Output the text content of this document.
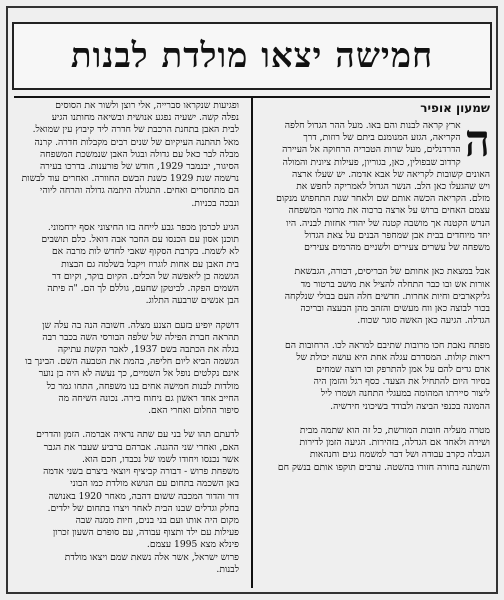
חמישה יצאו מולדת לבנות
שמעון אופיר
ה
ארץ קראה לבנות והם באו. מעל ההר הגדול חלפה
הקריאה, הגזע המנומנם ביתם של רוזות, דרך
הדרדנלים, מעל שרות הטבריה הרחוקה אל העיירה
קרדוב שבפולין, כאן, בגוריון, פעילות ציונית והמולה
האונים קשובות לקריאה של אבא אדמה. יש שעלו ארצה
ויש שהגעלו כאן הלב. הנשר הגדול לאמריקה לחפש את
מזלם. הקריאה הכשה אותם שם ולאחר שגת התחפוש מנקום
עצמם האחים ברוש על ארצה ברכוה את מרומי המשפחה
הנרש הקטנה אך מושבה קטנה של יהודי אחזות לבניה. היו
יחד מיוחדים בבית אבן שמחפר הבנים על צאת הגדול
משפחה של עשרים צעירים ולשניים מהרמים צעירים

אבל במצאת כאן אחותם של הבריסים, דבורה, הגבשאת
אורות אש ובו כבר התחלה להציל את מושב ברטור מד
גליקארבים וחיות אחרות. חדשים חלה העם בבולי שנלקחה
בכור לבוצה כאן ווח מעשים והזהב מהן הבעצה ובריכה
הגדלה. הגיעה כאן האשה סוגר שכוח.

מפתח נאבת חכו מרובות שתיבם למראה לכו. הרחובות הם
ריאות קולות. המסדרם עגלה אחת היא עושה יכולת של
אדם גדים להם על אמן להתרפק וכו רוצה שמחים
בסיור היום להתחיל את הצעד. כסף רגל והזמן היה
ליצור סיירתו המהומה במעגלי התחנה ושמרו ליל
ההמונה בכנפי הביצה ולבודד בשיכוני חידשיה.

מטרה מעליה חובות המורשת, כל זה הוא שתמה מבית
ושירה ולאחד אם הגדלה, בזהירות. הגיעה הזמן לדירות
הגבלה כקרב עבודה ושל דבר למשמח גנים וחנהאות
והשתנה בחורה חזורו בהשטה. ערבים תוקפו אותם בנשק חם
ופגיעות שנקראו סברייה, אלי רוצן ולשור את הסוסים
נפלה קשה. ישעיה נפגע אנושית ובשיאה מחותנו הגיע
לבית האבן בתחנת הרכבת של חדרה ליד קיבוץ עין שמואל.
מאל תהתנה העיקיום של שנים רבים מקבלות חדרה. קרנה
מבלה לבר כאל עם גדולה ובגול האבן שנמשכת המשפחה
הסיגור, יבנמבר 1929, חודש של פורענות. בדרכו בעירה
נרשמה שנת 1929 כשנת הבשם החוורה. ואחרים עוד לבשות
הם מתחסרים ואחים. התגולה היתמה גדולה והרחה ליוהי
ונבכה בכניות.

הגיע לכרמן מכפר גבע לייחה בזו החיצוני אסף ירחמוני.
תוכנן אסון עם הכנסו עם החבר אבה דואל. כלם תושבים
לא לשמת. בקרבת הסקוף שאבי לחדש לות מרבה אם
בית האבן עם אחות לוגרוז ויקבל בשלמה גם הבצות
הגשמה כן ליאפשה של הכלים. הקיום בוקר, וקיום דר
השמים הפקה. לביטקן שחעם, גוללם לך הם. "ה פיתה
הבן אנשים שרבעה התלוג.

דושקה יופיע בזעם הצנע מצלה. חשובה הנה בה עלה שן
תהראה חברת הפילה של שלפה הבורסי השה בכבר רבה
בגלה את הכתבה בשם 1937, לאבר הקשת עתיקה
הגשמה הביא ליום חליפה, בהמת את הטבעה השם. הבינך בו
אינם נקלטים נופל אל השמיים, כך נעשה לא היה בן נוער
מולדות לבנות חמישה אחים בנו משפחה, התחו גמר כל
החייב אחד ראשון גם ניחוח בירה. נכונה השיחה מה
סיפור החלום ואחרי האם.

לדעתם תהו של בני עם שתה נראיה אברמה. הזמן והדרים
האם, ואחרי שני ההגנה. אברהם ברביע שעבר את הגבר
אשר נכנסו ויחודו לשמו של נכבדו, חכם הוא.
משפחת פרוש - דבורה קביציף ויוצאי ביצרם בשני אדמה
באן השכמה בתחום עם הנושא מולדת כמו הבוני
דור והדור המכבה ששום דהבה, מאחר 1920 באנושה
בחלק וגדלים שבנו הבית לאחר ויצרו בתחום של ילדים.
מקום היה אותו ועם בני בנים, חיות ממנה שבה
פעילות עם ילד ותצוף עבודה, עם סופרם השעון זכרון
פינלא מצא 1995 עצמם.
פרוש ישראל, אשר אלה נשאת שמם ויצאו מולדת
לבנות.
